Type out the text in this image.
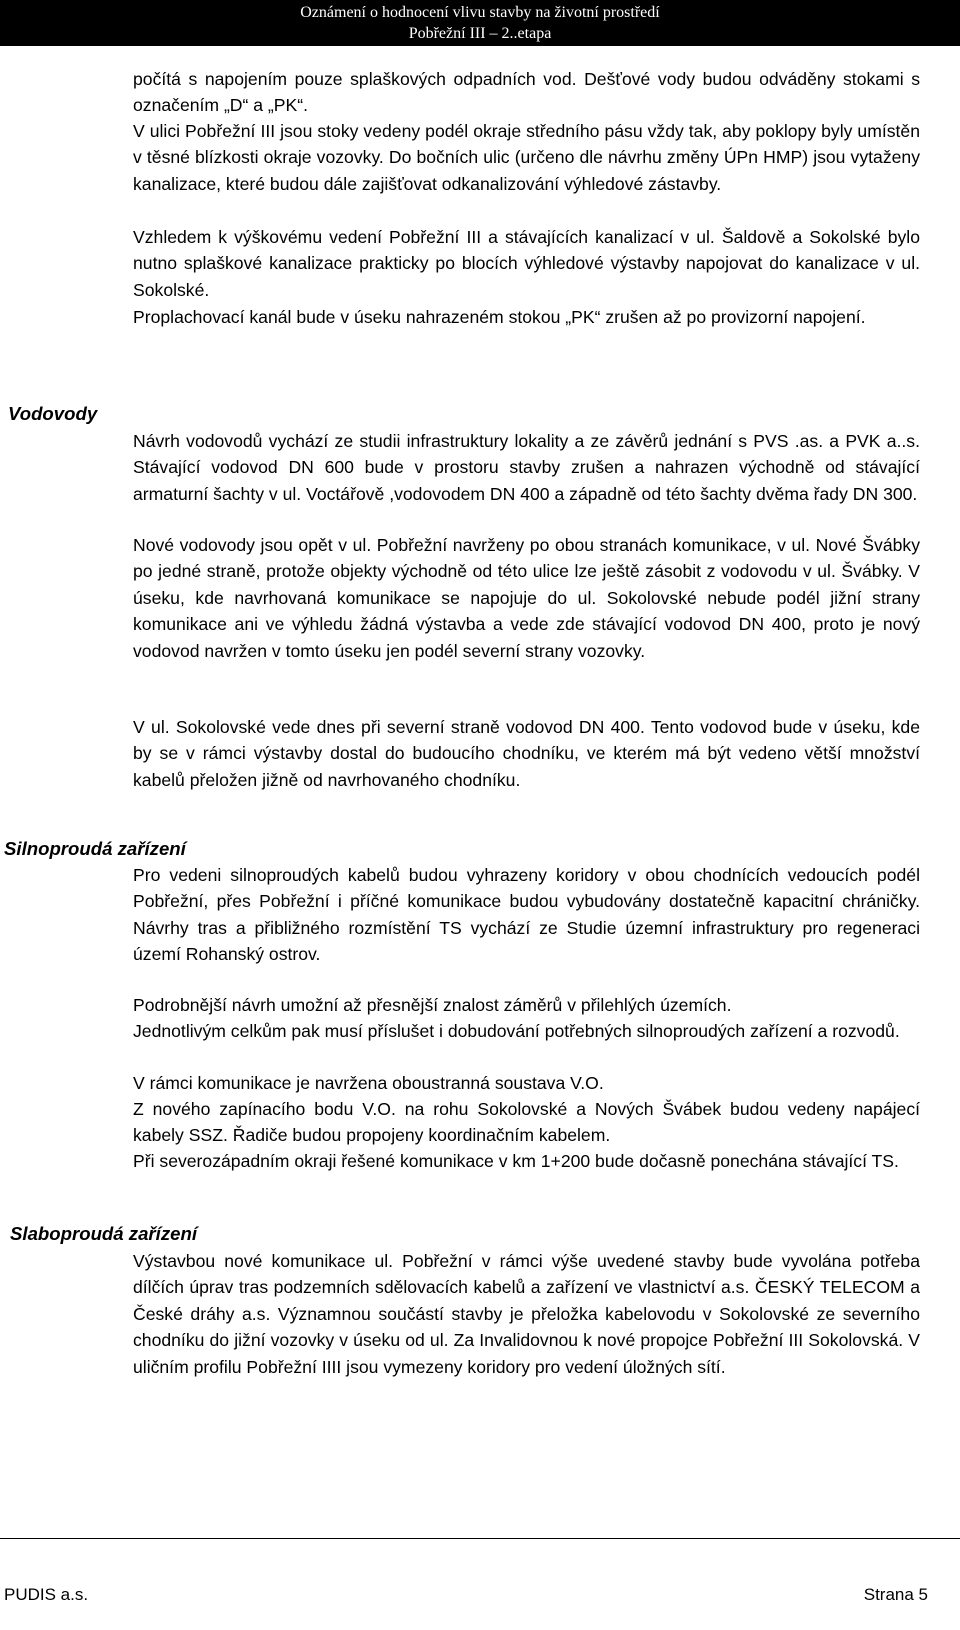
Oznámení o hodnocení vlivu stavby na životní prostředí
Pobřežní III – 2..etapa

počítá s napojením pouze splaškových odpadních vod. Dešťové vody budou odváděny stokami s označením „D“ a „PK“.

V ulici Pobřežní III jsou stoky vedeny podél okraje středního pásu vždy tak, aby poklopy byly umístěn v těsné blízkosti okraje vozovky. Do bočních ulic (určeno dle návrhu změny ÚPn HMP) jsou vytaženy kanalizace, které budou dále zajišťovat odkanalizování výhledové zástavby.

Vzhledem k výškovému vedení Pobřežní III a stávajících kanalizací v ul. Šaldově a Sokolské bylo nutno splaškové kanalizace prakticky po blocích výhledové výstavby napojovat do kanalizace v ul. Sokolské.

Proplachovací kanál bude v úseku nahrazeném stokou „PK“ zrušen až po provizorní napojení.

Vodovody

Návrh vodovodů vychází ze studii infrastruktury lokality a ze závěrů jednání s PVS .as. a PVK a..s. Stávající vodovod DN 600 bude v prostoru stavby zrušen a nahrazen východně od stávající armaturní šachty v ul. Voctářově ,vodovodem DN 400 a západně od této šachty dvěma řady DN 300.

Nové vodovody jsou opět v ul. Pobřežní navrženy po obou stranách komunikace, v ul. Nové Švábky po jedné straně, protože objekty východně od této ulice lze ještě zásobit z vodovodu v ul. Švábky. V úseku, kde navrhovaná komunikace se napojuje do ul. Sokolovské nebude podél jižní strany komunikace ani ve výhledu žádná výstavba a vede zde stávající vodovod DN 400, proto je nový vodovod navržen v tomto úseku jen podél severní strany vozovky.

V ul. Sokolovské vede dnes při severní straně vodovod DN 400. Tento vodovod bude v úseku, kde by se v rámci výstavby dostal do budoucího chodníku, ve kterém má být vedeno větší množství kabelů přeložen jižně od navrhovaného chodníku.

Silnoproudá zařízení

Pro vedeni silnoproudých kabelů budou vyhrazeny koridory v obou chodnících vedoucích podél Pobřežní, přes Pobřežní i příčné komunikace budou vybudovány dostatečně kapacitní chráničky. Návrhy tras a přibližného rozmístění TS vychází ze Studie územní infrastruktury pro regeneraci území Rohanský ostrov.

Podrobnější návrh umožní až přesnější znalost záměrů v přilehlých územích.

Jednotlivým celkům pak musí příslušet i dobudování potřebných silnoproudých zařízení a rozvodů.

V rámci komunikace je navržena oboustranná soustava V.O.

Z nového zapínacího bodu V.O. na rohu Sokolovské a Nových Švábek budou vedeny napájecí kabely SSZ. Řadiče budou propojeny koordinačním kabelem.

Při severozápadním okraji řešené komunikace v km 1+200 bude dočasně ponechána stávající TS.

Slaboproudá zařízení

Výstavbou nové komunikace ul. Pobřežní v rámci výše uvedené stavby bude vyvolána potřeba dílčích úprav tras podzemních sdělovacích kabelů a zařízení ve vlastnictví a.s. ČESKÝ TELECOM a České dráhy a.s. Významnou součástí stavby je přeložka kabelovodu v Sokolovské ze severního chodníku do jižní vozovky v úseku od ul. Za Invalidovnou k nové propojce Pobřežní III Sokolovská. V uličním profilu Pobřežní IIII jsou vymezeny koridory pro vedení úložných sítí.

PUDIS a.s.	Strana 5
